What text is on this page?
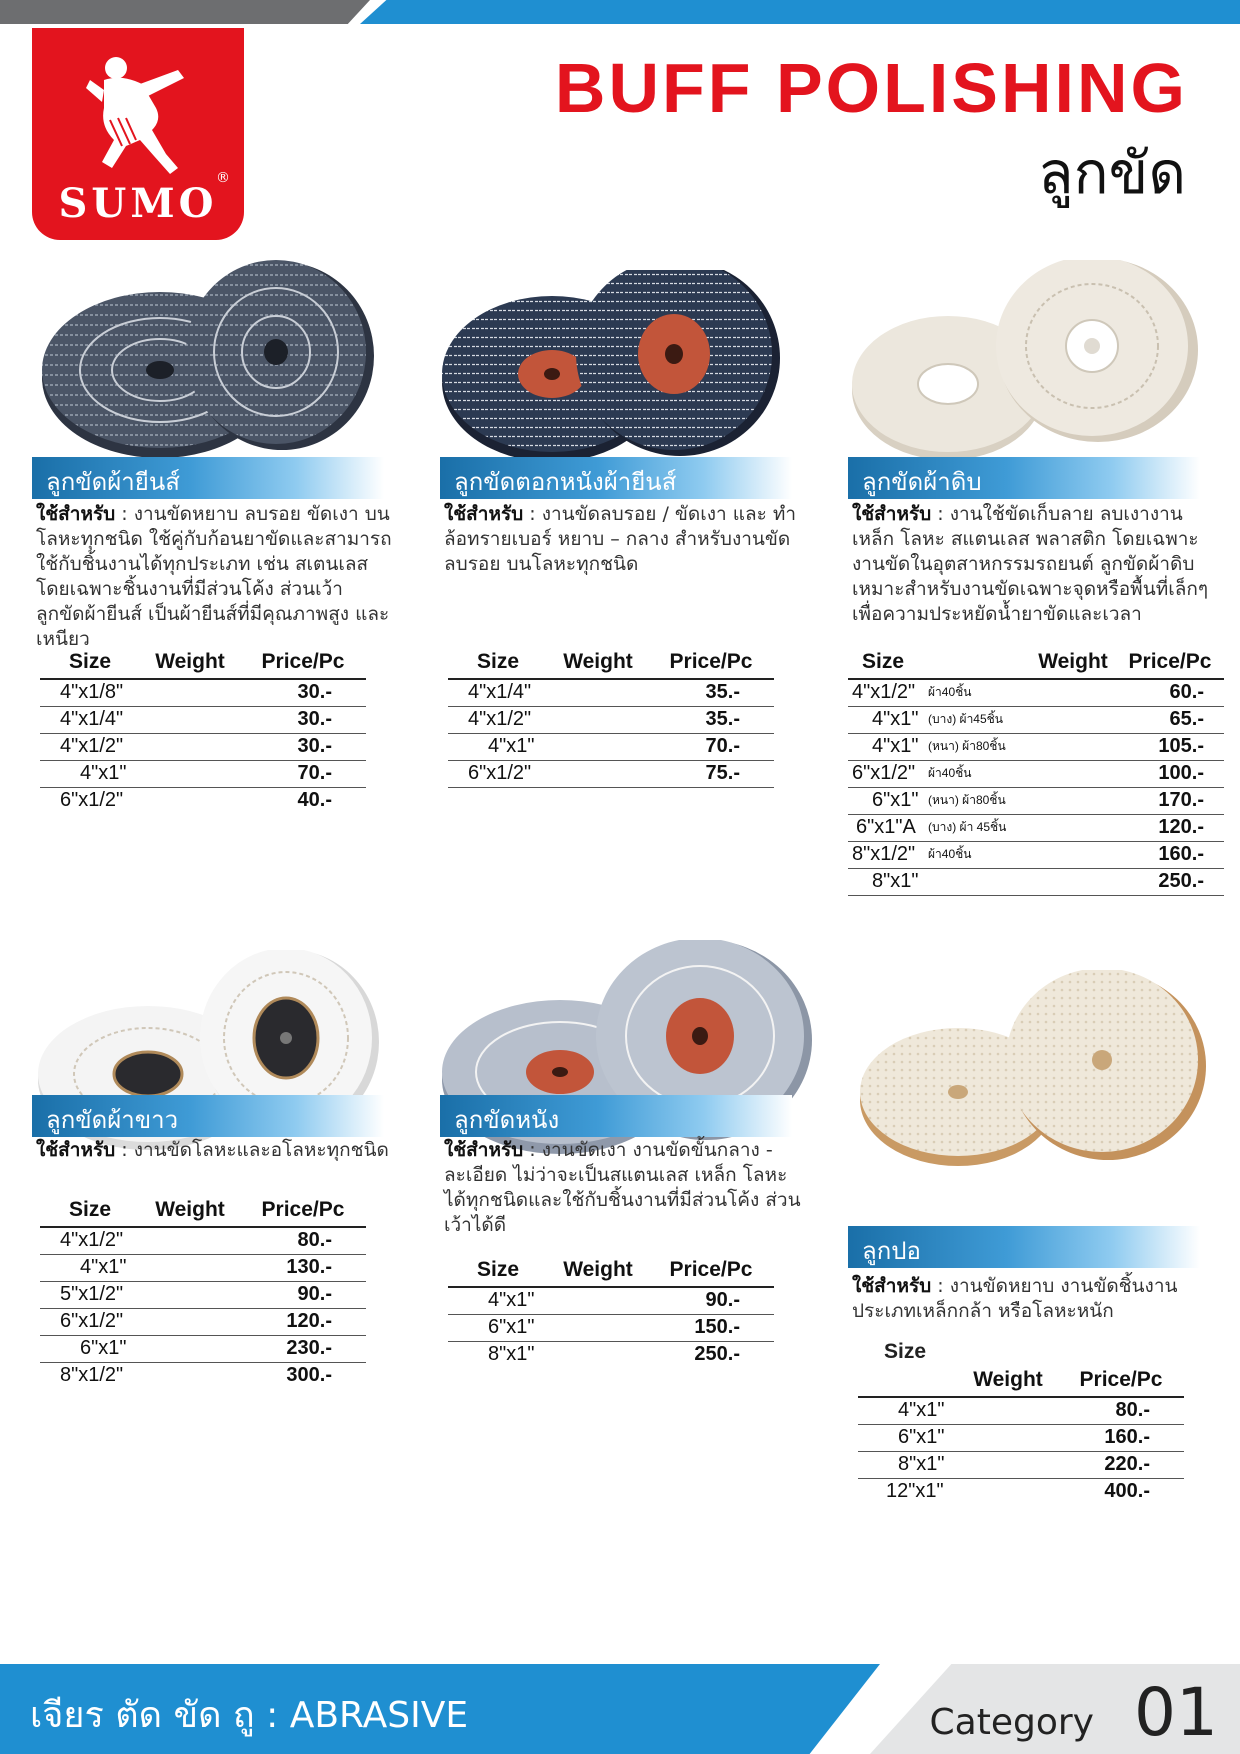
SUMO
®
BUFF POLISHING
ลูกขัด
ลูกขัดผ้ายีนส์
ใช้สำหรับ : งานขัดหยาบ ลบรอย ขัดเงา บนโลหะทุกชนิด ใช้คู่กับก้อนยาขัดและสามารถใช้กับชิ้นงานได้ทุกประเภท เช่น สเตนเลส โดยเฉพาะชิ้นงานที่มีส่วนโค้ง ส่วนเว้า ลูกขัดผ้ายีนส์ เป็นผ้ายีนส์ที่มีคุณภาพสูง และ เหนียว
Size	Weight	Price/Pc
4"x1/8"		30.-
4"x1/4"		30.-
4"x1/2"		30.-
4"x1"		70.-
6"x1/2"		40.-
ลูกขัดตอกหนังผ้ายีนส์
ใช้สำหรับ : งานขัดลบรอย / ขัดเงา และ ทำล้อทรายเบอร์ หยาบ – กลาง สำหรับงานขัดลบรอย บนโลหะทุกชนิด
Size	Weight	Price/Pc
4"x1/4"		35.-
4"x1/2"		35.-
4"x1"		70.-
6"x1/2"		75.-
ลูกขัดผ้าดิบ
ใช้สำหรับ : งานใช้ขัดเก็บลาย ลบเงางาน เหล็ก โลหะ สแตนเลส พลาสติก โดยเฉพาะงานขัดในอุตสาหกรรมรถยนต์ ลูกขัดผ้าดิบเหมาะสำหรับงานขัดเฉพาะจุดหรือพื้นที่เล็กๆ เพื่อความประหยัดน้ำยาขัดและเวลา
Size		Weight	Price/Pc
4"x1/2"	ผ้า40ชิ้น		60.-
4"x1"	(บาง) ผ้า45ชิ้น		65.-
4"x1"	(หนา) ผ้า80ชิ้น		105.-
6"x1/2"	ผ้า40ชิ้น		100.-
6"x1"	(หนา) ผ้า80ชิ้น		170.-
6"x1"A	(บาง) ผ้า 45ชิ้น		120.-
8"x1/2"	ผ้า40ชิ้น		160.-
8"x1"			250.-
ลูกขัดผ้าขาว
ใช้สำหรับ : งานขัดโลหะและอโลหะทุกชนิด
Size	Weight	Price/Pc
4"x1/2"		80.-
4"x1"		130.-
5"x1/2"		90.-
6"x1/2"		120.-
6"x1"		230.-
8"x1/2"		300.-
ลูกขัดหนัง
ใช้สำหรับ : งานขัดเงา งานขัดขั้นกลาง - ละเอียด ไม่ว่าจะเป็นสแตนเลส เหล็ก โลหะ ได้ทุกชนิดและใช้กับชิ้นงานที่มีส่วนโค้ง ส่วนเว้าได้ดี
Size	Weight	Price/Pc
4"x1"		90.-
6"x1"		150.-
8"x1"		250.-
ลูกปอ
ใช้สำหรับ : งานขัดหยาบ งานขัดชิ้นงานประเภทเหล็กกล้า หรือโลหะหนัก
Size
	Weight	Price/Pc
4"x1"		80.-
6"x1"		160.-
8"x1"		220.-
12"x1"		400.-
เจียร ตัด ขัด ถู : ABRASIVE	Category 01
